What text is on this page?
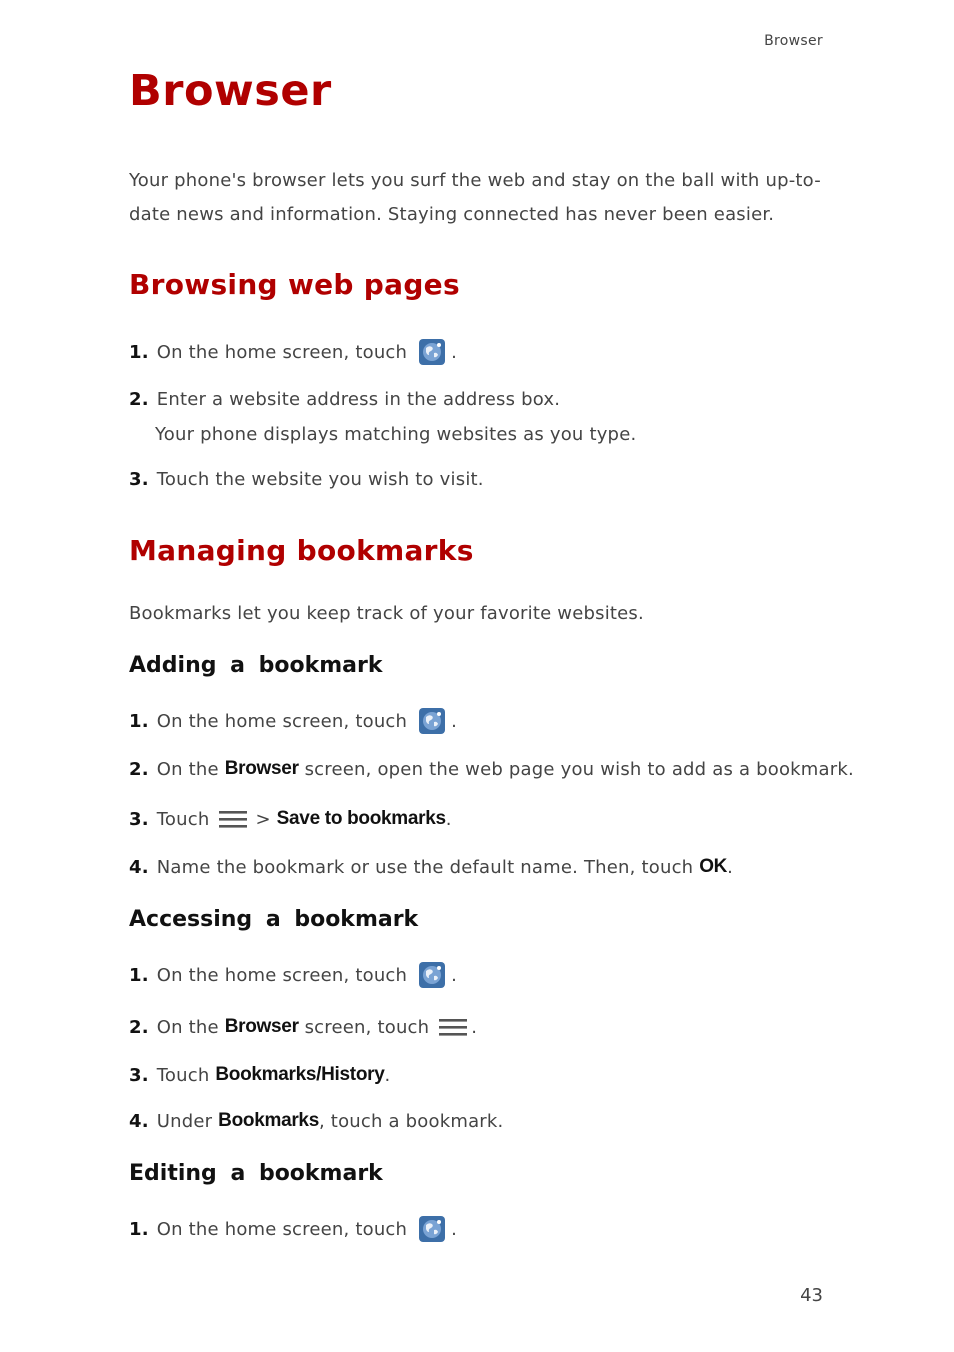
Browser
Browser
Your phone's browser lets you surf the web and stay on the ball with up-to-
date news and information. Staying connected has never been easier.
Browsing web pages
1. On the home screen, touch .
2. Enter a website address in the address box.
Your phone displays matching websites as you type.
3. Touch the website you wish to visit.
Managing bookmarks
Bookmarks let you keep track of your favorite websites.
Adding a bookmark
1. On the home screen, touch .
2. On the
Browser
screen, open the web page you wish to add as a bookmark.
3. Touch	>
Save to bookmarks .
4. Name the bookmark or use the default name. Then, touch
OK .
Accessing a bookmark
1. On the home screen, touch .
2. On the
Browser
screen, touch .
3. Touch
Bookmarks/History .
4. Under
Bookmarks , touch a bookmark.
Editing a bookmark
1. On the home screen, touch .
43
